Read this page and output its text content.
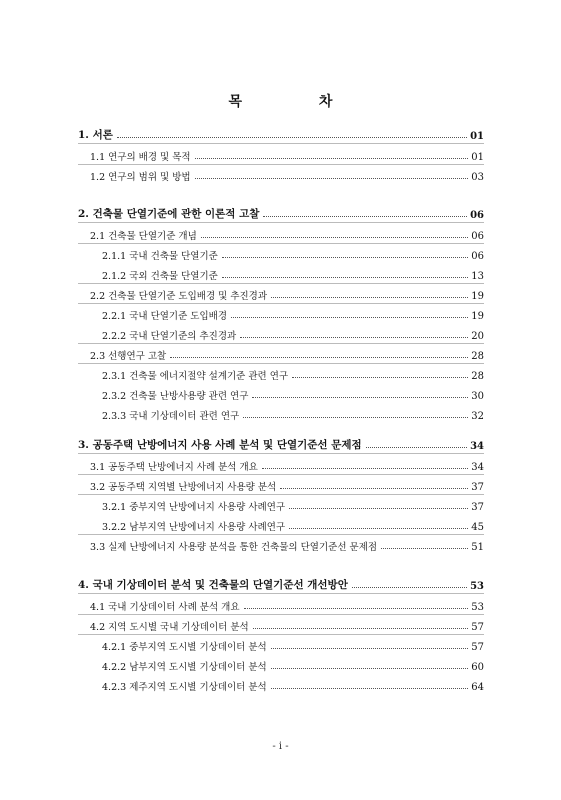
목 차
1. 서론	01
1.1 연구의 배경 및 목적	01
1.2 연구의 범위 및 방법	03
2. 건축물 단열기준에 관한 이론적 고찰	06
2.1 건축물 단열기준 개념	06
2.1.1 국내 건축물 단열기준	06
2.1.2 국외 건축물 단열기준	13
2.2 건축물 단열기준 도입배경 및 추진경과	19
2.2.1 국내 단열기준 도입배경	19
2.2.2 국내 단열기준의 추진경과	20
2.3 선행연구 고찰	28
2.3.1 건축물 에너지절약 설계기준 관련 연구	28
2.3.2 건축물 난방사용량 관련 연구	30
2.3.3 국내 기상데이터 관련 연구	32
3. 공동주택 난방에너지 사용 사례 분석 및 단열기준선 문제점	34
3.1 공동주택 난방에너지 사례 분석 개요	34
3.2 공동주택 지역별 난방에너지 사용량 분석	37
3.2.1 중부지역 난방에너지 사용량 사례연구	37
3.2.2 남부지역 난방에너지 사용량 사례연구	45
3.3 실제 난방에너지 사용량 분석을 통한 건축물의 단열기준선 문제점	51
4. 국내 기상데이터 분석 및 건축물의 단열기준선 개선방안	53
4.1 국내 기상데이터 사례 분석 개요	53
4.2 지역 도시별 국내 기상데이터 분석	57
4.2.1 중부지역 도시별 기상데이터 분석	57
4.2.2 남부지역 도시별 기상데이터 분석	60
4.2.3 제주지역 도시별 기상데이터 분석	64
- i -
